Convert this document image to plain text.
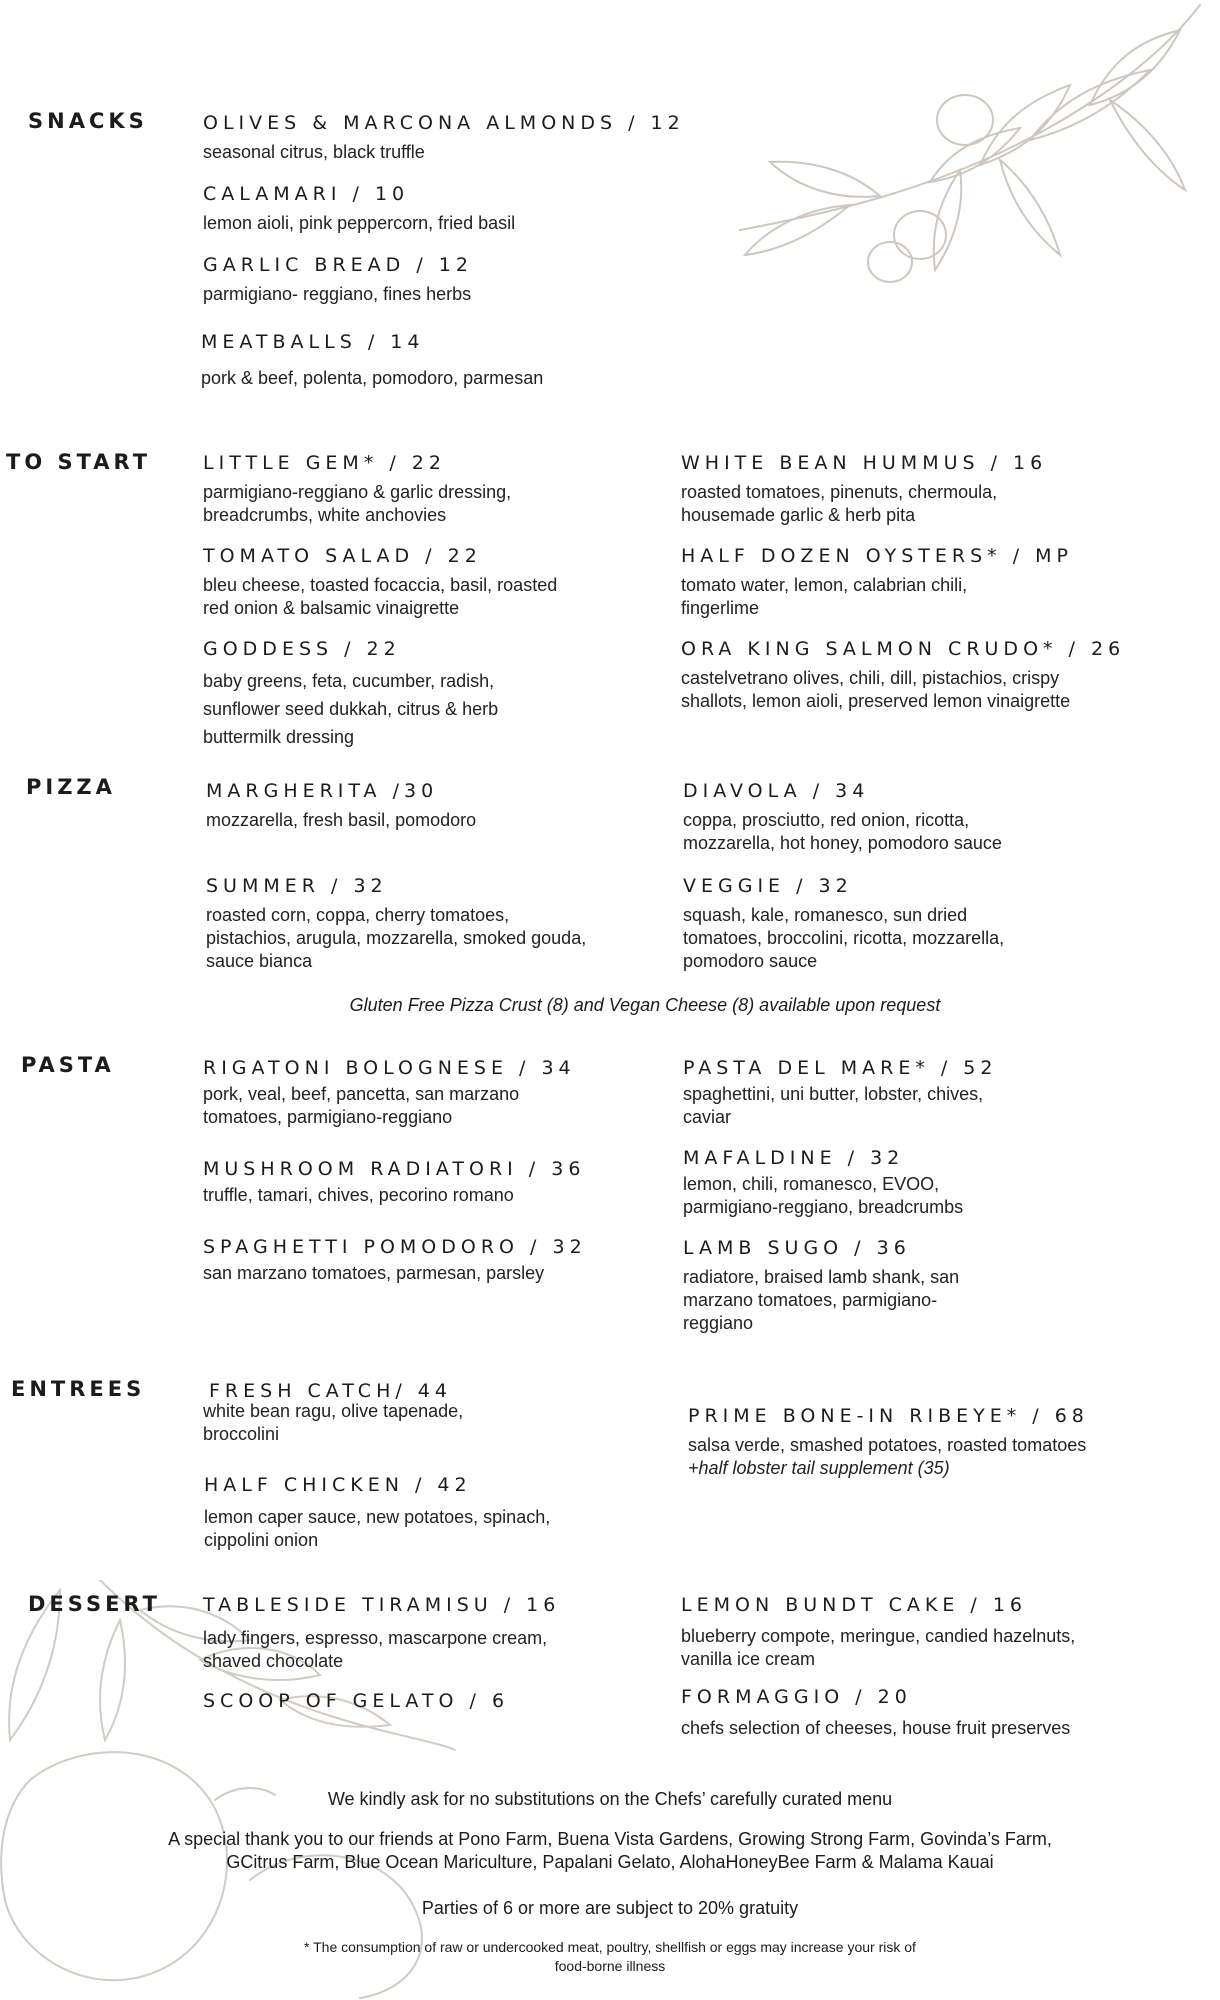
SNACKS	OLIVES & MARCONA ALMONDS / 12
seasonal citrus, black truffle
CALAMARI / 10
lemon aioli, pink peppercorn, fried basil
GARLIC BREAD / 12
parmigiano- reggiano, fines herbs
MEATBALLS / 14
pork & beef, polenta, pomodoro, parmesan
TO START	LITTLE GEM* / 22
parmigiano-reggiano & garlic dressing,
breadcrumbs, white anchovies
TOMATO SALAD / 22
bleu cheese, toasted focaccia, basil, roasted
red onion & balsamic vinaigrette
GODDESS / 22
baby greens, feta, cucumber, radish,
sunflower seed dukkah, citrus & herb
buttermilk dressing
WHITE BEAN HUMMUS / 16
roasted tomatoes, pinenuts, chermoula,
housemade garlic & herb pita
HALF DOZEN OYSTERS* / MP
tomato water, lemon, calabrian chili,
fingerlime
ORA KING SALMON CRUDO* / 26
castelvetrano olives, chili, dill, pistachios, crispy
shallots, lemon aioli, preserved lemon vinaigrette
PIZZA	MARGHERITA /30
mozzarella, fresh basil, pomodoro
SUMMER / 32
roasted corn, coppa, cherry tomatoes,
pistachios, arugula, mozzarella, smoked gouda,
sauce bianca
DIAVOLA / 34
coppa, prosciutto, red onion, ricotta,
mozzarella, hot honey, pomodoro sauce
VEGGIE / 32
squash, kale, romanesco, sun dried
tomatoes, broccolini, ricotta, mozzarella,
pomodoro sauce
Gluten Free Pizza Crust (8) and Vegan Cheese (8) available upon request
PASTA	RIGATONI BOLOGNESE / 34
pork, veal, beef, pancetta, san marzano
tomatoes, parmigiano-reggiano
MUSHROOM RADIATORI / 36
truffle, tamari, chives, pecorino romano
SPAGHETTI POMODORO / 32
san marzano tomatoes, parmesan, parsley
PASTA DEL MARE* / 52
spaghettini, uni butter, lobster, chives,
caviar
MAFALDINE / 32
lemon, chili, romanesco, EVOO,
parmigiano-reggiano, breadcrumbs
LAMB SUGO / 36
radiatore, braised lamb shank, san
marzano tomatoes, parmigiano-
reggiano
ENTREES	FRESH CATCH/ 44
white bean ragu, olive tapenade,
broccolini
HALF CHICKEN / 42
lemon caper sauce, new potatoes, spinach,
cippolini onion
PRIME BONE-IN RIBEYE* / 68
salsa verde, smashed potatoes, roasted tomatoes
+half lobster tail supplement (35)
DESSERT TABLESIDE TIRAMISU / 16
lady fingers, espresso, mascarpone cream,
shaved chocolate
SCOOP OF GELATO / 6
LEMON BUNDT CAKE / 16
blueberry compote, meringue, candied hazelnuts,
vanilla ice cream
FORMAGGIO / 20
chefs selection of cheeses, house fruit preserves
We kindly ask for no substitutions on the Chefs’ carefully curated menu
A special thank you to our friends at Pono Farm, Buena Vista Gardens, Growing Strong Farm, Govinda’s Farm,
GCitrus Farm, Blue Ocean Mariculture, Papalani Gelato, AlohaHoneyBee Farm & Malama Kauai
Parties of 6 or more are subject to 20% gratuity
* The consumption of raw or undercooked meat, poultry, shellfish or eggs may increase your risk of
food-borne illness
